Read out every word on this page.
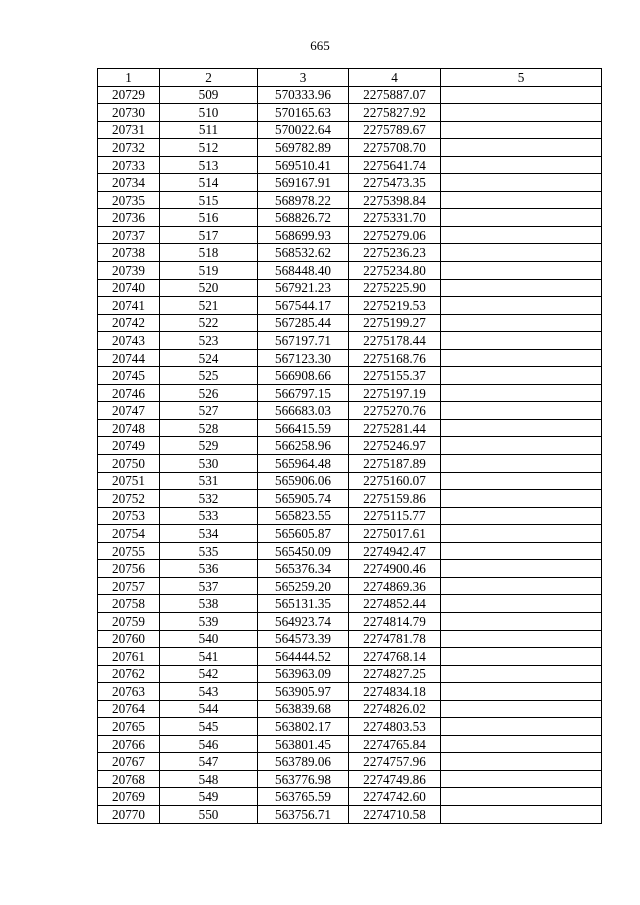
665
1	2	3	4	5
20729	509	570333.96	2275887.07	
20730	510	570165.63	2275827.92	
20731	511	570022.64	2275789.67	
20732	512	569782.89	2275708.70	
20733	513	569510.41	2275641.74	
20734	514	569167.91	2275473.35	
20735	515	568978.22	2275398.84	
20736	516	568826.72	2275331.70	
20737	517	568699.93	2275279.06	
20738	518	568532.62	2275236.23	
20739	519	568448.40	2275234.80	
20740	520	567921.23	2275225.90	
20741	521	567544.17	2275219.53	
20742	522	567285.44	2275199.27	
20743	523	567197.71	2275178.44	
20744	524	567123.30	2275168.76	
20745	525	566908.66	2275155.37	
20746	526	566797.15	2275197.19	
20747	527	566683.03	2275270.76	
20748	528	566415.59	2275281.44	
20749	529	566258.96	2275246.97	
20750	530	565964.48	2275187.89	
20751	531	565906.06	2275160.07	
20752	532	565905.74	2275159.86	
20753	533	565823.55	2275115.77	
20754	534	565605.87	2275017.61	
20755	535	565450.09	2274942.47	
20756	536	565376.34	2274900.46	
20757	537	565259.20	2274869.36	
20758	538	565131.35	2274852.44	
20759	539	564923.74	2274814.79	
20760	540	564573.39	2274781.78	
20761	541	564444.52	2274768.14	
20762	542	563963.09	2274827.25	
20763	543	563905.97	2274834.18	
20764	544	563839.68	2274826.02	
20765	545	563802.17	2274803.53	
20766	546	563801.45	2274765.84	
20767	547	563789.06	2274757.96	
20768	548	563776.98	2274749.86	
20769	549	563765.59	2274742.60	
20770	550	563756.71	2274710.58	
